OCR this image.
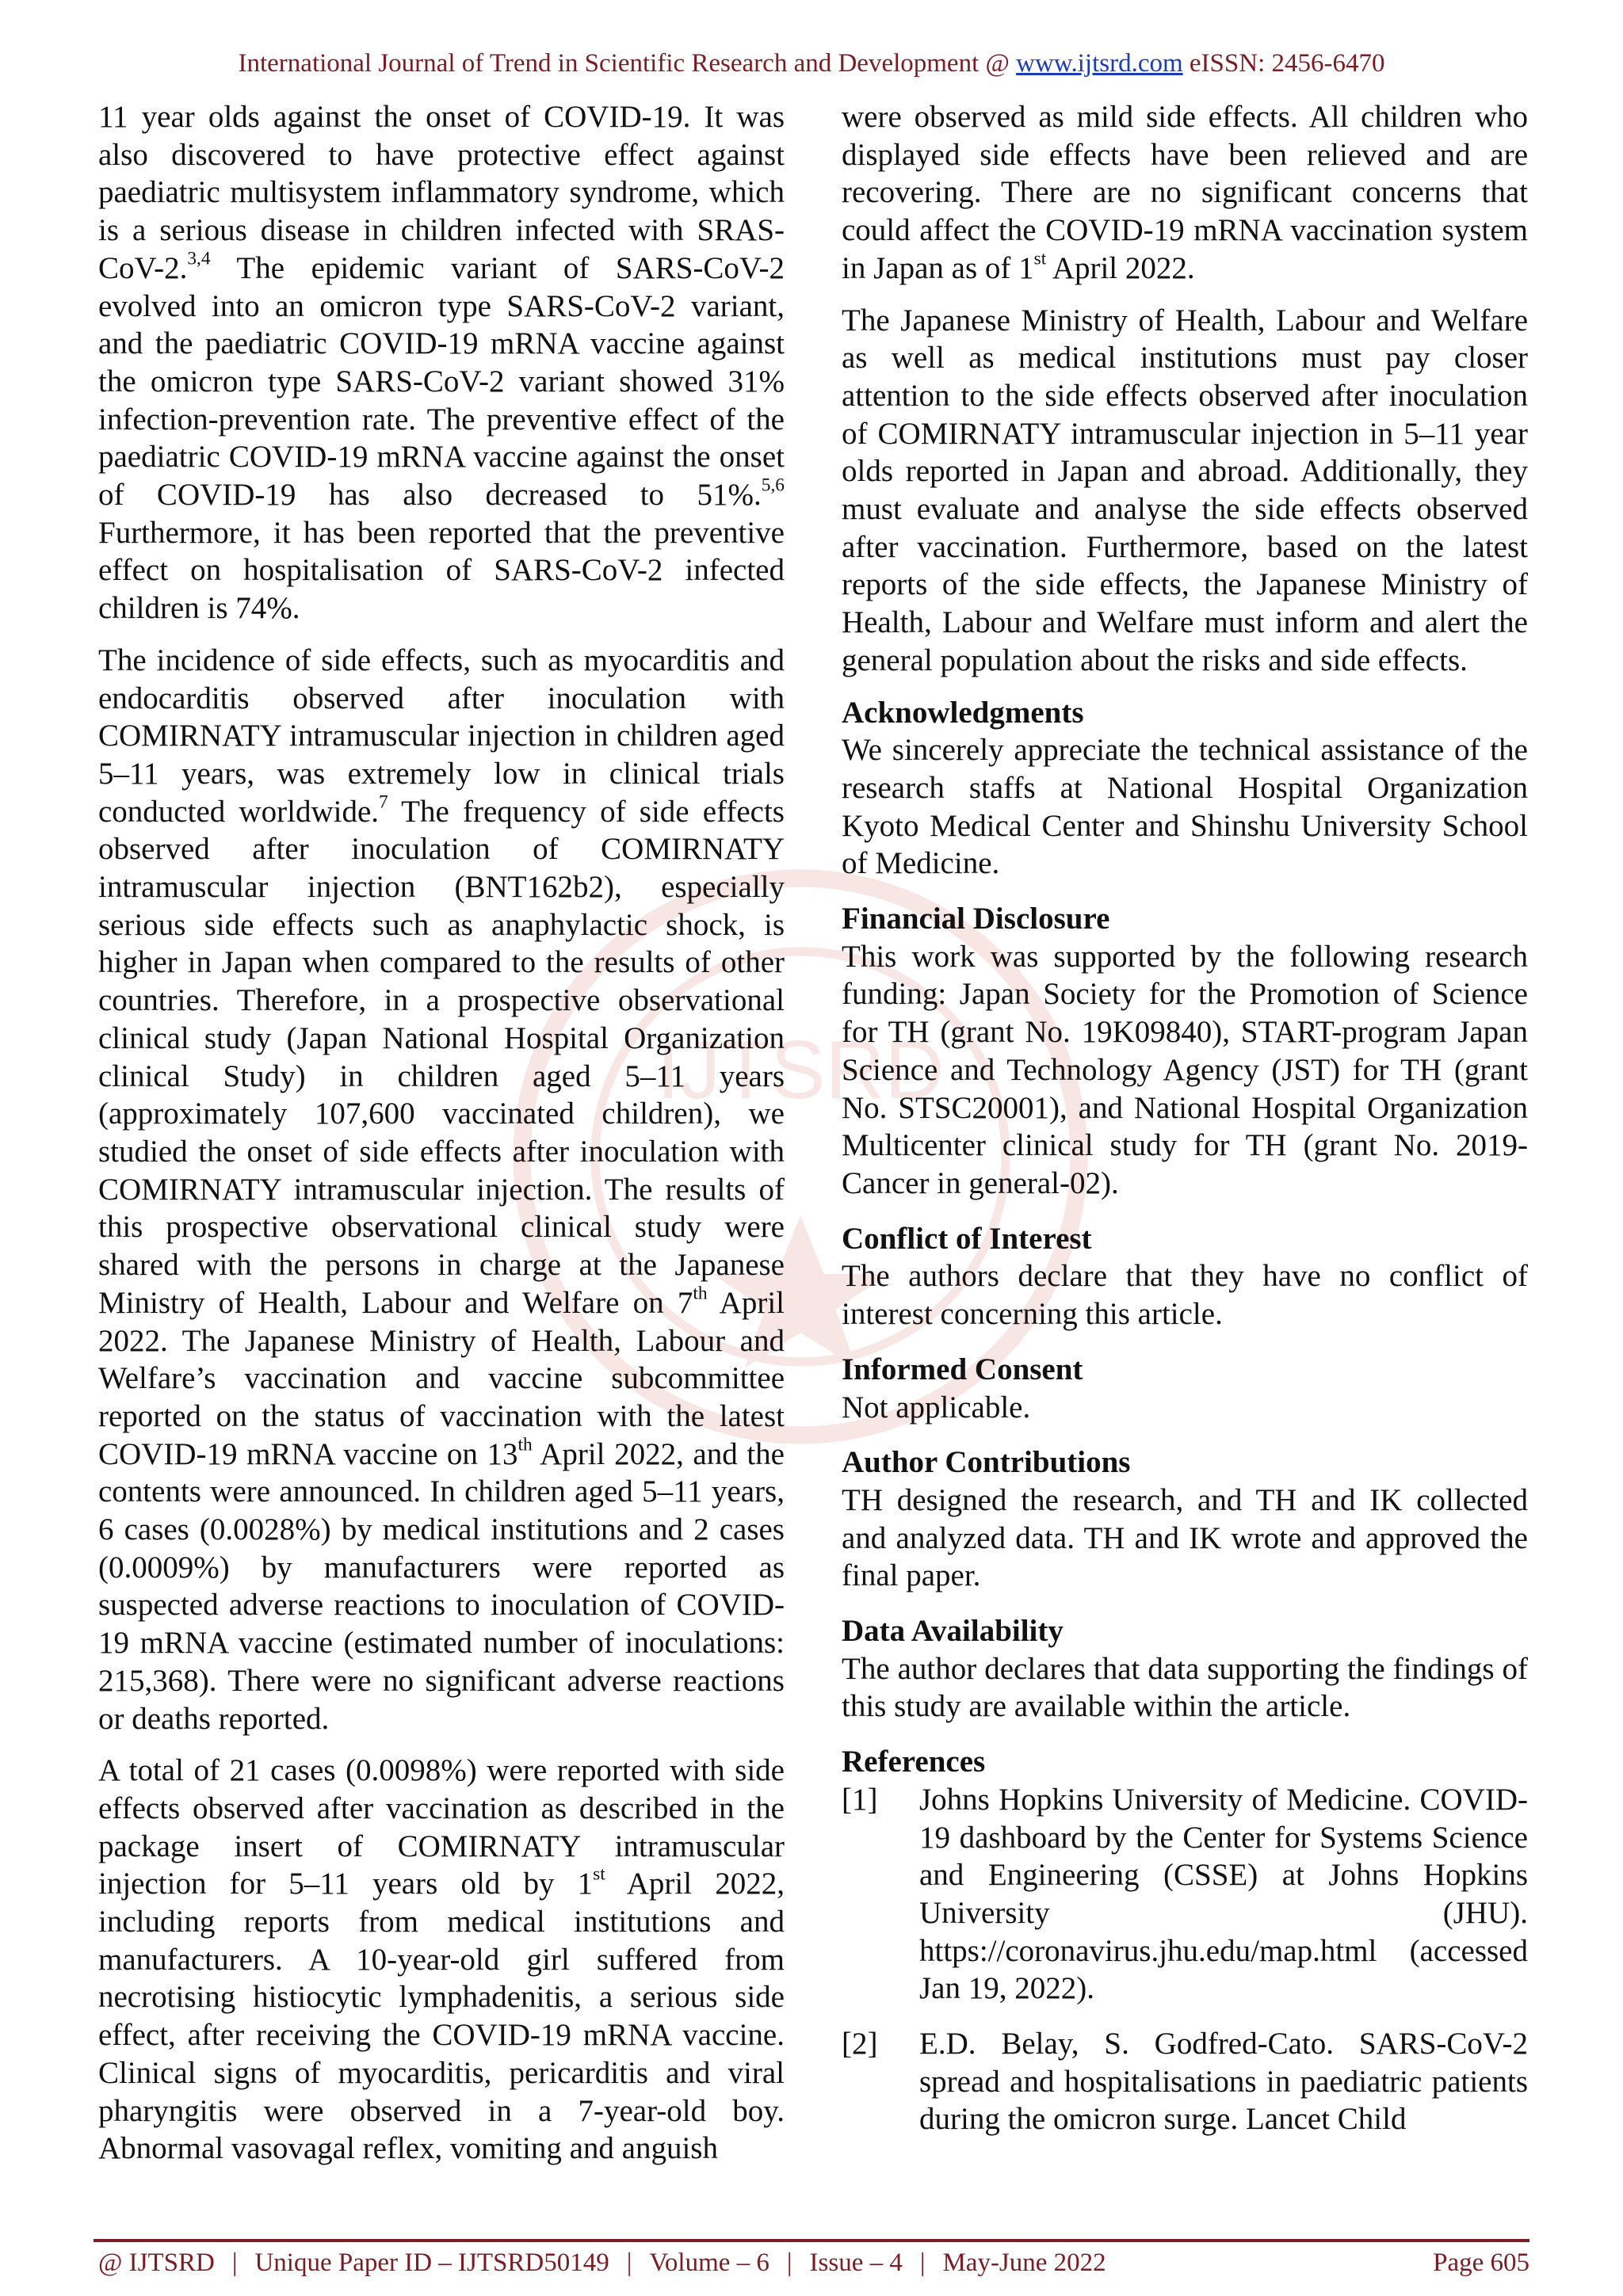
International Journal of Trend in Scientific Research and Development @ www.ijtsrd.com eISSN: 2456-6470
IJTSRD

11 year olds against the onset of COVID-19. It was also discovered to have protective effect against paediatric multisystem inflammatory syndrome, which is a serious disease in children infected with SRAS-CoV-2.$^{3,4}$ The epidemic variant of SARS-CoV-2 evolved into an omicron type SARS-CoV-2 variant, and the paediatric COVID-19 mRNA vaccine against the omicron type SARS-CoV-2 variant showed 31% infection-prevention rate. The preventive effect of the paediatric COVID-19 mRNA vaccine against the onset of COVID-19 has also decreased to 51%.$^{5,6}$ Furthermore, it has been reported that the preventive effect on hospitalisation of SARS-CoV-2 infected children is 74%.

The incidence of side effects, such as myocarditis and endocarditis observed after inoculation with COMIRNATY intramuscular injection in children aged 5–11 years, was extremely low in clinical trials conducted worldwide.$^7$ The frequency of side effects observed after inoculation of COMIRNATY intramuscular injection (BNT162b2), especially serious side effects such as anaphylactic shock, is higher in Japan when compared to the results of other countries. Therefore, in a prospective observational clinical study (Japan National Hospital Organization clinical Study) in children aged 5–11 years (approximately 107,600 vaccinated children), we studied the onset of side effects after inoculation with COMIRNATY intramuscular injection. The results of this prospective observational clinical study were shared with the persons in charge at the Japanese Ministry of Health, Labour and Welfare on 7th April 2022. The Japanese Ministry of Health, Labour and Welfare’s vaccination and vaccine subcommittee reported on the status of vaccination with the latest COVID-19 mRNA vaccine on 13th April 2022, and the contents were announced. In children aged 5–11 years, 6 cases (0.0028%) by medical institutions and 2 cases (0.0009%) by manufacturers were reported as suspected adverse reactions to inoculation of COVID-19 mRNA vaccine (estimated number of inoculations: 215,368). There were no significant adverse reactions or deaths reported.

A total of 21 cases (0.0098%) were reported with side effects observed after vaccination as described in the package insert of COMIRNATY intramuscular injection for 5–11 years old by 1st April 2022, including reports from medical institutions and manufacturers. A 10-year-old girl suffered from necrotising histiocytic lymphadenitis, a serious side effect, after receiving the COVID-19 mRNA vaccine. Clinical signs of myocarditis, pericarditis and viral pharyngitis were observed in a 7-year-old boy. Abnormal vasovagal reflex, vomiting and anguish

were observed as mild side effects. All children who displayed side effects have been relieved and are recovering. There are no significant concerns that could affect the COVID-19 mRNA vaccination system in Japan as of 1st April 2022.

The Japanese Ministry of Health, Labour and Welfare as well as medical institutions must pay closer attention to the side effects observed after inoculation of COMIRNATY intramuscular injection in 5–11 year olds reported in Japan and abroad. Additionally, they must evaluate and analyse the side effects observed after vaccination. Furthermore, based on the latest reports of the side effects, the Japanese Ministry of Health, Labour and Welfare must inform and alert the general population about the risks and side effects.

Acknowledgments

We sincerely appreciate the technical assistance of the research staffs at National Hospital Organization Kyoto Medical Center and Shinshu University School of Medicine.

Financial Disclosure

This work was supported by the following research funding: Japan Society for the Promotion of Science for TH (grant No. 19K09840), START-program Japan Science and Technology Agency (JST) for TH (grant No. STSC20001), and National Hospital Organization Multicenter clinical study for TH (grant No. 2019- Cancer in general-02).

Conflict of Interest

The authors declare that they have no conflict of interest concerning this article.

Informed Consent

Not applicable.

Author Contributions

TH designed the research, and TH and IK collected and analyzed data. TH and IK wrote and approved the final paper.

Data Availability

The author declares that data supporting the findings of this study are available within the article.

References
[1]	Johns Hopkins University of Medicine. COVID-19 dashboard by the Center for Systems Science and Engineering (CSSE) at Johns Hopkins University (JHU). https://coronavirus.jhu.edu/map.html (accessed Jan 19, 2022).
[2]	E.D. Belay, S. Godfred-Cato. SARS-CoV-2 spread and hospitalisations in paediatric patients during the omicron surge. Lancet Child
@ IJTSRD | Unique Paper ID – IJTSRD50149 | Volume – 6 | Issue – 4 | May-June 2022	Page 605
